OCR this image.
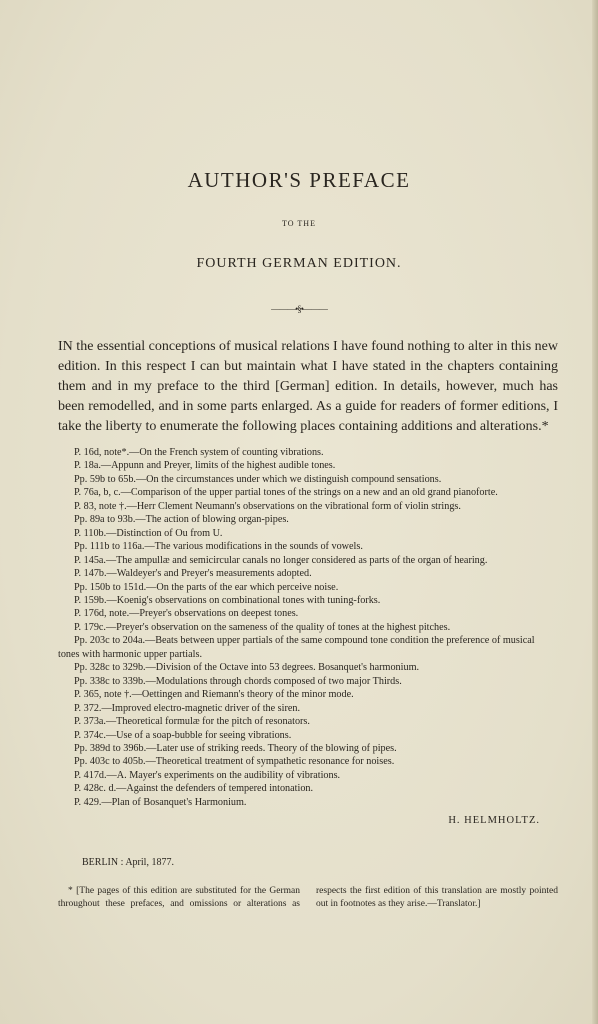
AUTHOR'S PREFACE
TO THE
FOURTH GERMAN EDITION.
———•§•———

IN the essential conceptions of musical relations I have found nothing to alter in this new edition. In this respect I can but maintain what I have stated in the chapters containing them and in my preface to the third [German] edition. In details, however, much has been remodelled, and in some parts enlarged. As a guide for readers of former editions, I take the liberty to enumerate the following places containing additions and alterations.*

P. 16d, note*.—On the French system of counting vibrations.

P. 18a.—Appunn and Preyer, limits of the highest audible tones.

Pp. 59b to 65b.—On the circumstances under which we distinguish compound sensations.

P. 76a, b, c.—Comparison of the upper partial tones of the strings on a new and an old grand pianoforte.

P. 83, note †.—Herr Clement Neumann's observations on the vibrational form of violin strings.

Pp. 89a to 93b.—The action of blowing organ-pipes.

P. 110b.—Distinction of Ou from U.

Pp. 111b to 116a.—The various modifications in the sounds of vowels.

P. 145a.—The ampullæ and semicircular canals no longer considered as parts of the organ of hearing.

P. 147b.—Waldeyer's and Preyer's measurements adopted.

Pp. 150b to 151d.—On the parts of the ear which perceive noise.

P. 159b.—Koenig's observations on combinational tones with tuning-forks.

P. 176d, note.—Preyer's observations on deepest tones.

P. 179c.—Preyer's observation on the sameness of the quality of tones at the highest pitches.

Pp. 203c to 204a.—Beats between upper partials of the same compound tone condition the preference of musical tones with harmonic upper partials.

Pp. 328c to 329b.—Division of the Octave into 53 degrees. Bosanquet's harmonium.

Pp. 338c to 339b.—Modulations through chords composed of two major Thirds.

P. 365, note †.—Oettingen and Riemann's theory of the minor mode.

P. 372.—Improved electro-magnetic driver of the siren.

P. 373a.—Theoretical formulæ for the pitch of resonators.

P. 374c.—Use of a soap-bubble for seeing vibrations.

Pp. 389d to 396b.—Later use of striking reeds. Theory of the blowing of pipes.

Pp. 403c to 405b.—Theoretical treatment of sympathetic resonance for noises.

P. 417d.—A. Mayer's experiments on the audibility of vibrations.

P. 428c. d.—Against the defenders of tempered intonation.

P. 429.—Plan of Bosanquet's Harmonium.

H. HELMHOLTZ.
BERLIN : April, 1877.

* [The pages of this edition are substituted for the German throughout these prefaces, and omissions or alterations as respects the first edition of this translation are mostly pointed out in footnotes as they arise.—Translator.]
